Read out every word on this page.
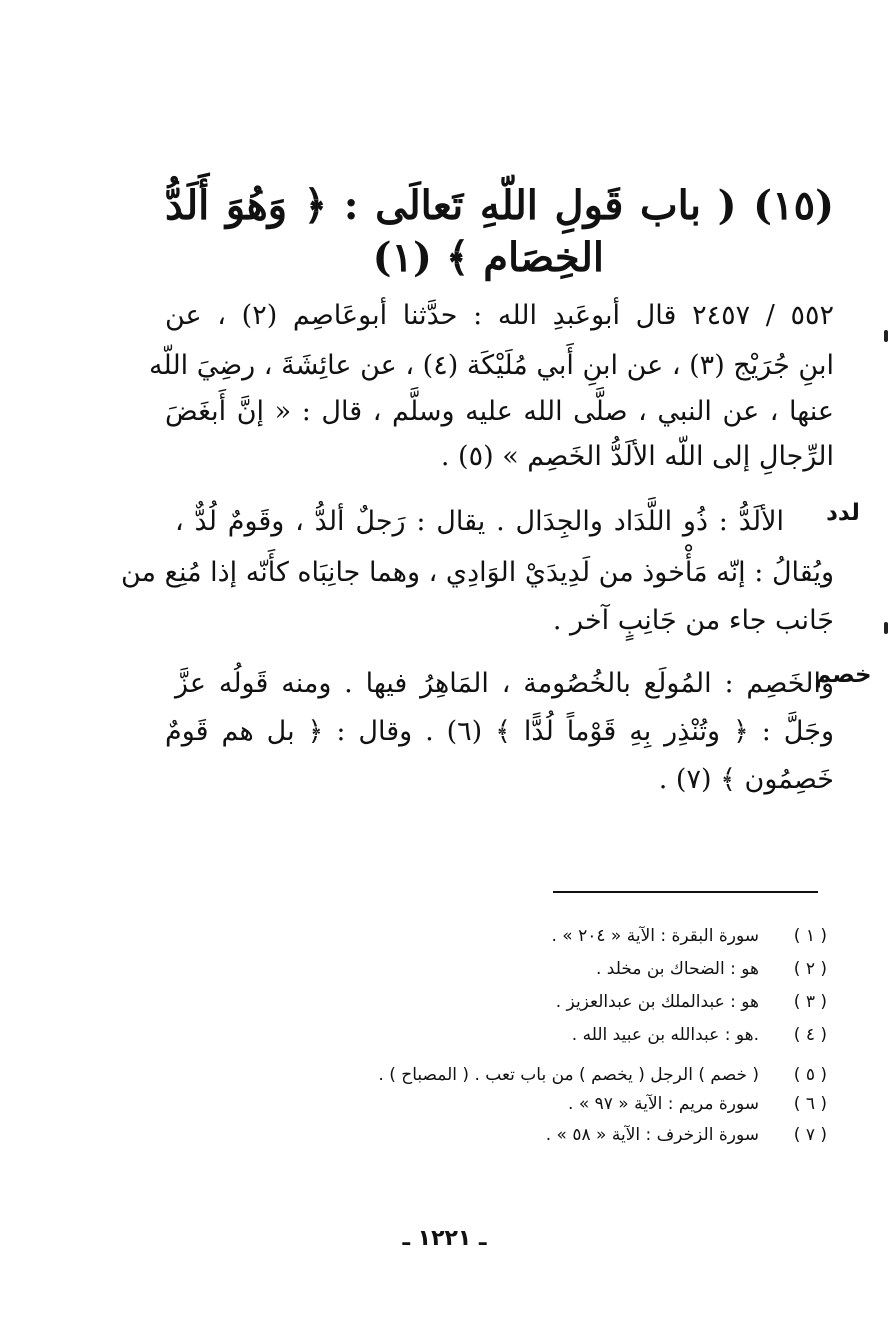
(١٥) ( باب قَولِ اللّهِ تَعالَى : ﴿ وَهُوَ أَلَدُّ
الخِصَام ﴾ (١)
٥٥٢ / ٢٤٥٧ قال أبوعَبدِ الله : حدَّثنا أبوعَاصِم (٢) ، عن
ابنِ جُرَيْج (٣) ، عن ابنِ أَبي مُلَيْكَة (٤) ، عن عائِشَةَ ، رضِيَ اللّه
عنها ، عن النبي ، صلَّى الله عليه وسلَّم ، قال : « إنَّ أَبغَضَ
الرِّجالِ إلى اللّه الألَدُّ الخَصِم » (٥) .
لدد
الألَدُّ : ذُو اللَّدَاد والجِدَال . يقال : رَجلٌ ألدُّ ، وقَومٌ لُدٌّ ،
ويُقالُ : إنّه مَأْخوذ من لَدِيدَيْ الوَادِي ، وهما جانِبَاه كأَنّه إذا مُنِع من
جَانب جاء من جَانِبٍ آخر .
خصم
والخَصِم : المُولَع بالخُصُومة ، المَاهِرُ فيها . ومنه قَولُه عزَّ
وجَلَّ : ﴿ وتُنْذِر بِهِ قَوْماً لُدًّا ﴾ (٦) . وقال : ﴿ بل هم قَومٌ
خَصِمُون ﴾ (٧) .
( ١ )سورة البقرة : الآية « ٢٠٤ » .
( ٢ )هو : الضحاك بن مخلد .
( ٣ )هو : عبدالملك بن عبدالعزيز .
( ٤ ).هو : عبدالله بن عبيد الله .
( ٥ )( خصم ) الرجل ( يخصم ) من باب تعب . ( المصباح ) .
( ٦ )سورة مريم : الآية « ٩٧ » .
( ٧ )سورة الزخرف : الآية « ٥٨ » .
ـ ١٢٢١ ـ
